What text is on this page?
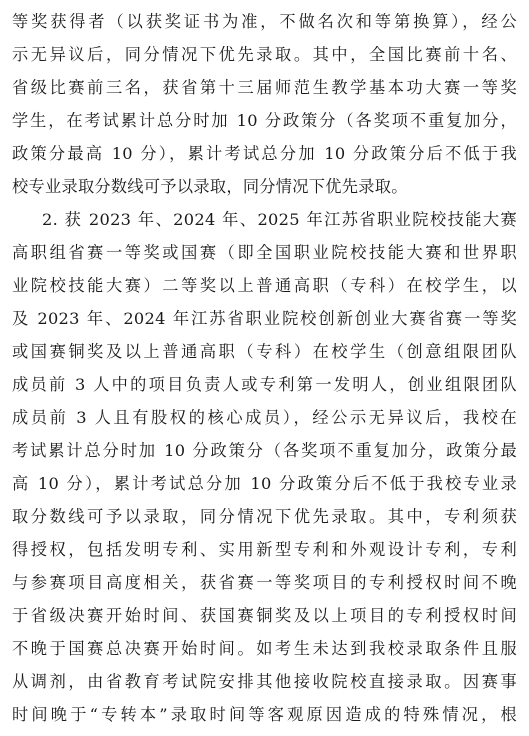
等奖获得者（以获奖证书为准，不做名次和等第换算），经公
示无异议后，同分情况下优先录取。其中，全国比赛前十名、
省级比赛前三名，获省第十三届师范生教学基本功大赛一等奖
学生，在考试累计总分时加 10 分政策分（各奖项不重复加分，
政策分最高 10 分），累计考试总分加 10 分政策分后不低于我
校专业录取分数线可予以录取，同分情况下优先录取。
2. 获 2023 年、2024 年、2025 年江苏省职业院校技能大赛
高职组省赛一等奖或国赛（即全国职业院校技能大赛和世界职
业院校技能大赛）二等奖以上普通高职（专科）在校学生，以
及 2023 年、2024 年江苏省职业院校创新创业大赛省赛一等奖
或国赛铜奖及以上普通高职（专科）在校学生（创意组限团队
成员前 3 人中的项目负责人或专利第一发明人，创业组限团队
成员前 3 人且有股权的核心成员），经公示无异议后，我校在
考试累计总分时加 10 分政策分（各奖项不重复加分，政策分最
高 10 分），累计考试总分加 10 分政策分后不低于我校专业录
取分数线可予以录取，同分情况下优先录取。其中，专利须获
得授权，包括发明专利、实用新型专利和外观设计专利，专利
与参赛项目高度相关，获省赛一等奖项目的专利授权时间不晚
于省级决赛开始时间、获国赛铜奖及以上项目的专利授权时间
不晚于国赛总决赛开始时间。如考生未达到我校录取条件且服
从调剂，由省教育考试院安排其他接收院校直接录取。因赛事
时间晚于“专转本”录取时间等客观原因造成的特殊情况，根
